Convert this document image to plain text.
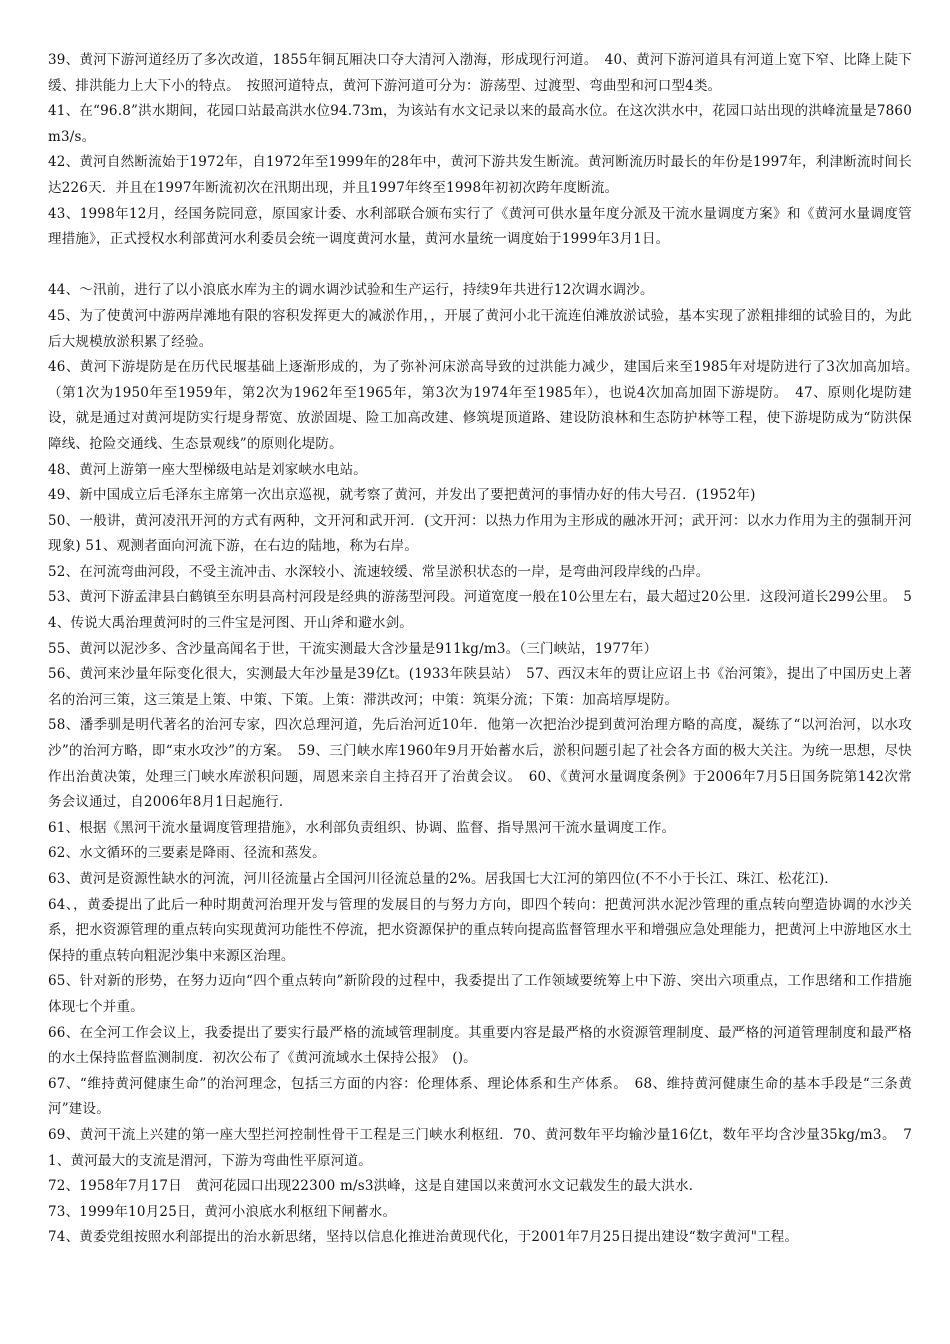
39、黄河下游河道经历了多次改道，1855年铜瓦厢决口夺大清河入渤海，形成现行河道。　40、黄河下游河道具有河道上宽下窄、比降上陡下缓、排洪能力上大下小的特点。　按照河道特点，黄河下游河道可分为：游荡型、过渡型、弯曲型和河口型4类。

41、在“96.8”洪水期间，花园口站最高洪水位94.73m，为该站有水文记录以来的最高水位。在这次洪水中，花园口站出现的洪峰流量是7860m3/s。

42、黄河自然断流始于1972年，自1972年至1999年的28年中，黄河下游共发生断流。黄河断流历时最长的年份是1997年，利津断流时间长达226天．并且在1997年断流初次在汛期出现，并且1997年终至1998年初初次跨年度断流。

43、1998年12月，经国务院同意，原国家计委、水利部联合颁布实行了《黄河可供水量年度分派及干流水量调度方案》和《黄河水量调度管理措施》，正式授权水利部黄河水利委员会统一调度黄河水量，黄河水量统一调度始于1999年3月1日。

44、～汛前，进行了以小浪底水库为主的调水调沙试验和生产运行，持续9年共进行12次调水调沙。

45、为了使黄河中游两岸滩地有限的容积发挥更大的减淤作用，，开展了黄河小北干流连伯滩放淤试验，基本实现了淤粗排细的试验目的，为此后大规模放淤积累了经验。

46、黄河下游堤防是在历代民堰基础上逐渐形成的，为了弥补河床淤高导致的过洪能力减少，建国后来至1985年对堤防进行了3次加高加培。　（第1次为1950年至1959年，第2次为1962年至1965年，第3次为1974年至1985年），也说4次加高加固下游堤防。　47、原则化堤防建设，就是通过对黄河堤防实行堤身帮宽、放淤固堤、险工加高改建、修筑堤顶道路、建设防浪林和生态防护林等工程，使下游堤防成为“防洪保障线、抢险交通线、生态景观线”的原则化堤防。

48、黄河上游第一座大型梯级电站是刘家峡水电站。

49、新中国成立后毛泽东主席第一次出京巡视，就考察了黄河，并发出了要把黄河的事情办好的伟大号召．(1952年)

50、一般讲，黄河凌汛开河的方式有两种，文开河和武开河．(文开河：以热力作用为主形成的融冰开河；武开河：以水力作用为主的强制开河现象) 51、观测者面向河流下游，在右边的陆地，称为右岸。

52、在河流弯曲河段，不受主流冲击、水深较小、流速较缓、常呈淤积状态的一岸，是弯曲河段岸线的凸岸。

53、黄河下游孟津县白鹤镇至东明县高村河段是经典的游荡型河段。河道宽度一般在10公里左右，最大超过20公里．这段河道长299公里。　54、传说大禹治理黄河时的三件宝是河图、开山斧和避水剑。

55、黄河以泥沙多、含沙量高闻名于世，干流实测最大含沙量是911kg/m3。（三门峡站，1977年）

56、黄河来沙量年际变化很大，实测最大年沙量是39亿t。(1933年陕县站）　57、西汉末年的贾让应诏上书《治河策》，提出了中国历史上著名的治河三策，这三策是上策、中策、下策。上策：滞洪改河；中策：筑渠分流；下策：加高培厚堤防。

58、潘季驯是明代著名的治河专家，四次总理河道，先后治河近10年．他第一次把治沙提到黄河治理方略的高度，凝练了“以河治河，以水攻沙”的治河方略，即“束水攻沙”的方案。　59、三门峡水库1960年9月开始蓄水后，淤积问题引起了社会各方面的极大关注。为统一思想，尽快作出治黄决策，处理三门峡水库淤积问题，周恩来亲自主持召开了治黄会议。　60、《黄河水量调度条例》于2006年7月5日国务院第142次常务会议通过，自2006年8月1日起施行．

61、根据《黑河干流水量调度管理措施》，水利部负责组织、协调、监督、指导黑河干流水量调度工作。

62、水文循环的三要素是降雨、径流和蒸发。

63、黄河是资源性缺水的河流，河川径流量占全国河川径流总量的2%。居我国七大江河的第四位(不不小于长江、珠江、松花江)．

64、，黄委提出了此后一种时期黄河治理开发与管理的发展目的与努力方向，即四个转向：把黄河洪水泥沙管理的重点转向塑造协调的水沙关系，把水资源管理的重点转向实现黄河功能性不停流，把水资源保护的重点转向提高监督管理水平和增强应急处理能力，把黄河上中游地区水土保持的重点转向粗泥沙集中来源区治理。

65、针对新的形势，在努力迈向“四个重点转向”新阶段的过程中，我委提出了工作领域要统筹上中下游、突出六项重点，工作思绪和工作措施体现七个并重。

66、在全河工作会议上，我委提出了要实行最严格的流域管理制度。其重要内容是最严格的水资源管理制度、最严格的河道管理制度和最严格的水土保持监督监测制度．初次公布了《黄河流域水土保持公报》　()。

67、“维持黄河健康生命”的治河理念，包括三方面的内容：伦理体系、理论体系和生产体系。　68、维持黄河健康生命的基本手段是“三条黄河”建设。

69、黄河干流上兴建的第一座大型拦河控制性骨干工程是三门峡水利枢纽．70、黄河数年平均输沙量16亿t，数年平均含沙量35kg/m3。　71、黄河最大的支流是渭河，下游为弯曲性平原河道。

72、1958年7月17日　黄河花园口出现22300 m/s3洪峰，这是自建国以来黄河水文记载发生的最大洪水．

73、1999年10月25日，黄河小浪底水利枢纽下闸蓄水。

74、黄委党组按照水利部提出的治水新思绪，坚持以信息化推进治黄现代化，于2001年7月25日提出建设“数字黄河"工程。
